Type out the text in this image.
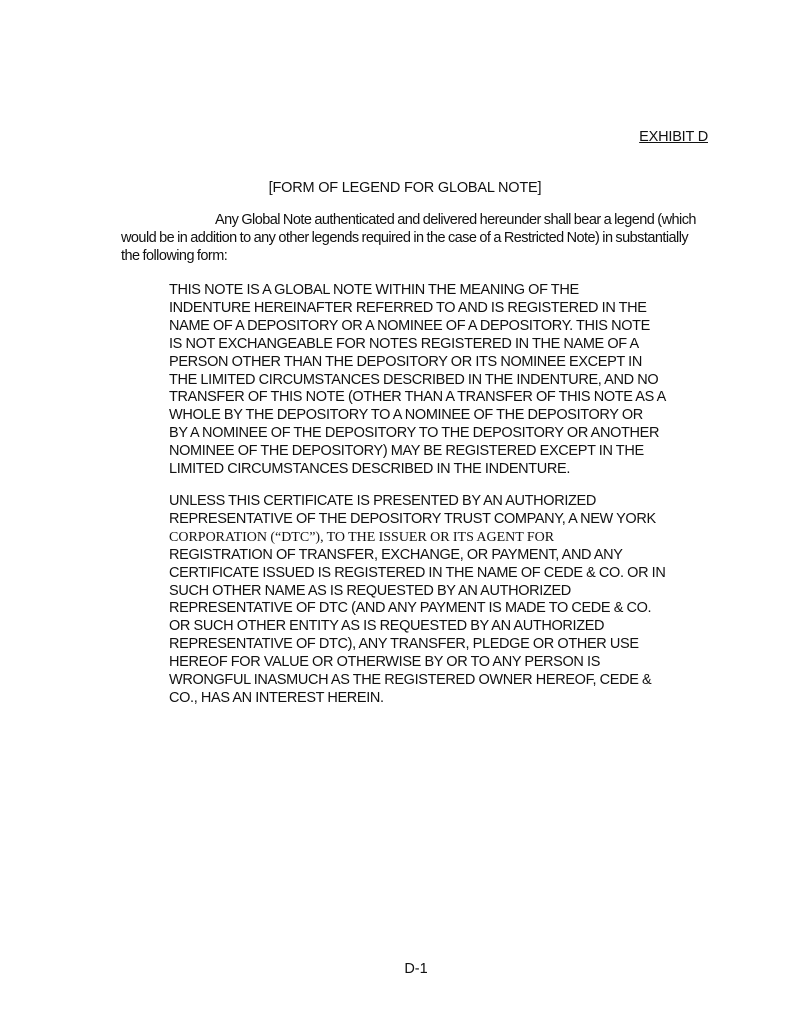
EXHIBIT D
[FORM OF LEGEND FOR GLOBAL NOTE]

Any Global Note authenticated and delivered hereunder shall bear a legend (which would be in addition to any other legends required in the case of a Restricted Note) in substantially the following form:

THIS NOTE IS A GLOBAL NOTE WITHIN THE MEANING OF THE
INDENTURE HEREINAFTER REFERRED TO AND IS REGISTERED IN THE
NAME OF A DEPOSITORY OR A NOMINEE OF A DEPOSITORY. THIS NOTE
IS NOT EXCHANGEABLE FOR NOTES REGISTERED IN THE NAME OF A
PERSON OTHER THAN THE DEPOSITORY OR ITS NOMINEE EXCEPT IN
THE LIMITED CIRCUMSTANCES DESCRIBED IN THE INDENTURE, AND NO
TRANSFER OF THIS NOTE (OTHER THAN A TRANSFER OF THIS NOTE AS A
WHOLE BY THE DEPOSITORY TO A NOMINEE OF THE DEPOSITORY OR
BY A NOMINEE OF THE DEPOSITORY TO THE DEPOSITORY OR ANOTHER
NOMINEE OF THE DEPOSITORY) MAY BE REGISTERED EXCEPT IN THE
LIMITED CIRCUMSTANCES DESCRIBED IN THE INDENTURE.
UNLESS THIS CERTIFICATE IS PRESENTED BY AN AUTHORIZED
REPRESENTATIVE OF THE DEPOSITORY TRUST COMPANY, A NEW YORK
CORPORATION (“DTC”), TO THE ISSUER OR ITS AGENT FOR
REGISTRATION OF TRANSFER, EXCHANGE, OR PAYMENT, AND ANY
CERTIFICATE ISSUED IS REGISTERED IN THE NAME OF CEDE & CO. OR IN
SUCH OTHER NAME AS IS REQUESTED BY AN AUTHORIZED
REPRESENTATIVE OF DTC (AND ANY PAYMENT IS MADE TO CEDE & CO.
OR SUCH OTHER ENTITY AS IS REQUESTED BY AN AUTHORIZED
REPRESENTATIVE OF DTC), ANY TRANSFER, PLEDGE OR OTHER USE
HEREOF FOR VALUE OR OTHERWISE BY OR TO ANY PERSON IS
WRONGFUL INASMUCH AS THE REGISTERED OWNER HEREOF, CEDE &
CO., HAS AN INTEREST HEREIN.
D-1
